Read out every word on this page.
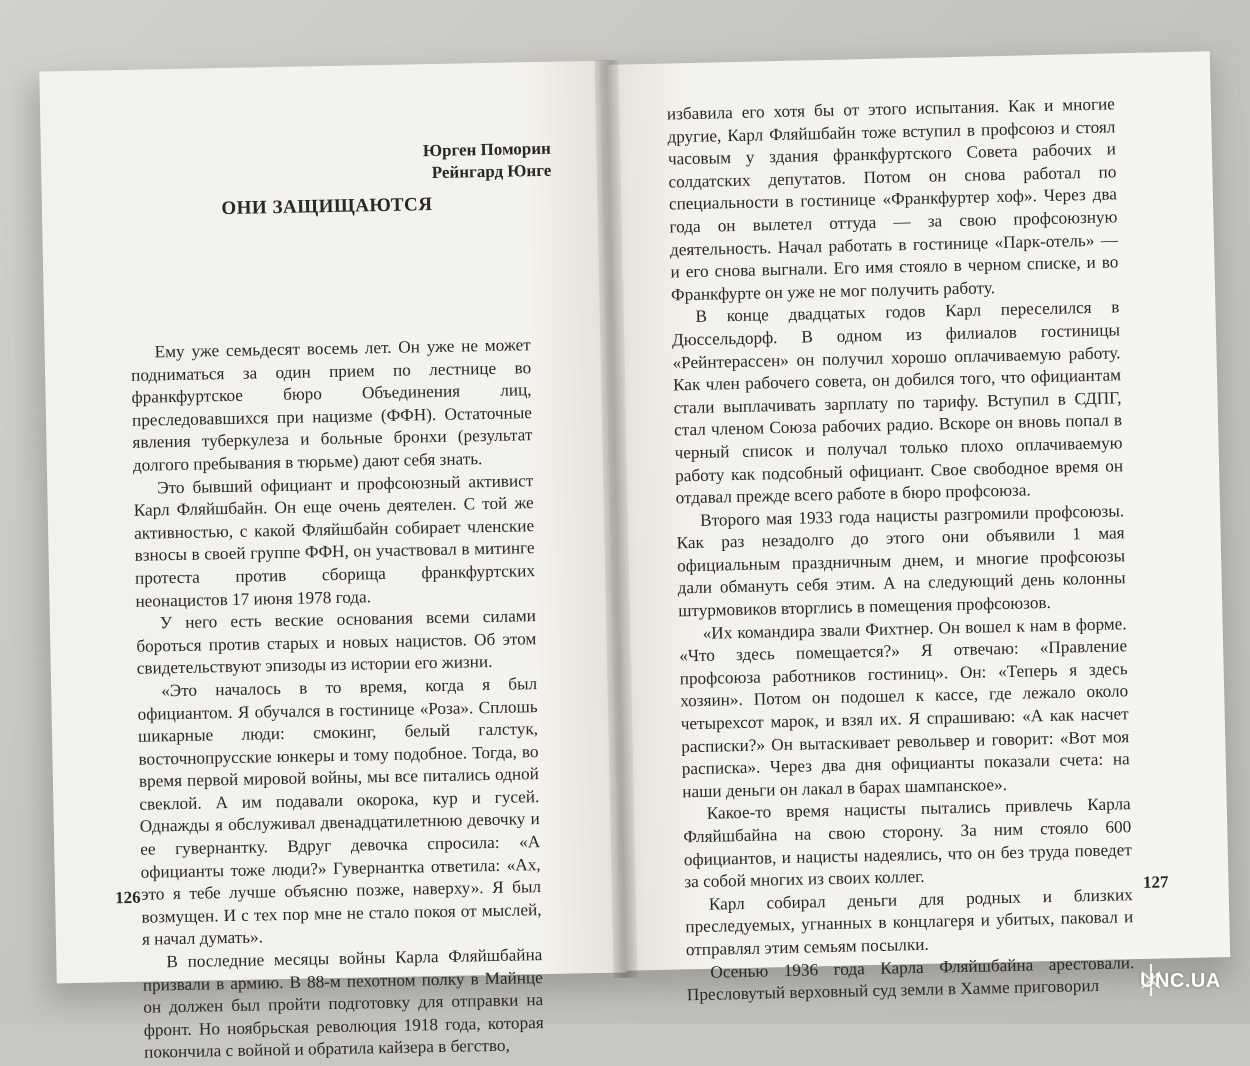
Юрген Поморин
Рейнгард Юнге
ОНИ ЗАЩИЩАЮТСЯ

Ему уже семьдесят восемь лет. Он уже не может подниматься за один прием по лестнице во франкфуртское бюро Объединения лиц, преследовавшихся при нацизме (ФФН). Остаточные явления туберкулеза и больные бронхи (результат долгого пребывания в тюрьме) дают себя знать.

Это бывший официант и профсоюзный активист Карл Фляйшбайн. Он еще очень деятелен. С той же активностью, с какой Фляйшбайн собирает членские взносы в своей группе ФФН, он участвовал в митинге протеста против сборища франкфуртских неонацистов 17 июня 1978 года.

У него есть веские основания всеми силами бороться против старых и новых нацистов. Об этом свидетельствуют эпизоды из истории его жизни.

«Это началось в то время, когда я был официантом. Я обучался в гостинице «Роза». Сплошь шикарные люди: смокинг, белый галстук, восточнопрусские юнкеры и тому подобное. Тогда, во время первой мировой войны, мы все питались одной свеклой. А им подавали окорока, кур и гусей. Однажды я обслуживал двенадцатилетнюю девочку и ее гувернантку. Вдруг девочка спросила: «А официанты тоже люди?» Гувернантка ответила: «Ах, это я тебе лучше объясню позже, наверху». Я был возмущен. И с тех пор мне не стало покоя от мыслей, я начал думать».

В последние месяцы войны Карла Фляйшбайна призвали в армию. В 88-м пехотном полку в Майнце он должен был пройти подготовку для отправки на фронт. Но ноябрьская революция 1918 года, которая покончила с войной и обратила кайзера в бегство,

126

избавила его хотя бы от этого испытания. Как и многие другие, Карл Фляйшбайн тоже вступил в профсоюз и стоял часовым у здания франкфуртского Совета рабочих и солдатских депутатов. Потом он снова работал по специальности в гостинице «Франкфуртер хоф». Через два года он вылетел оттуда — за свою профсоюзную деятельность. Начал работать в гостинице «Парк-отель» — и его снова выгнали. Его имя стояло в черном списке, и во Франкфурте он уже не мог получить работу.

В конце двадцатых годов Карл переселился в Дюссельдорф. В одном из филиалов гостиницы «Рейнтерассен» он получил хорошо оплачиваемую работу. Как член рабочего совета, он добился того, что официантам стали выплачивать зарплату по тарифу. Вступил в СДПГ, стал членом Союза рабочих радио. Вскоре он вновь попал в черный список и получал только плохо оплачиваемую работу как подсобный официант. Свое свободное время он отдавал прежде всего работе в бюро профсоюза.

Второго мая 1933 года нацисты разгромили профсоюзы. Как раз незадолго до этого они объявили 1 мая официальным праздничным днем, и многие профсоюзы дали обмануть себя этим. А на следующий день колонны штурмовиков вторглись в помещения профсоюзов.

«Их командира звали Фихтнер. Он вошел к нам в форме. «Что здесь помещается?» Я отвечаю: «Правление профсоюза работников гостиниц». Он: «Теперь я здесь хозяин». Потом он подошел к кассе, где лежало около четырехсот марок, и взял их. Я спрашиваю: «А как насчет расписки?» Он вытаскивает револьвер и говорит: «Вот моя расписка». Через два дня официанты показали счета: на наши деньги он лакал в барах шампанское».

Какое-то время нацисты пытались привлечь Карла Фляйшбайна на свою сторону. За ним стояло 600 официантов, и нацисты надеялись, что он без труда поведет за собой многих из своих коллег.

Карл собирал деньги для родных и близких преследуемых, угнанных в концлагеря и убитых, паковал и отправлял этим семьям посылки.

Осенью 1936 года Карла Фляйшбайна арестовали. Пресловутый верховный суд земли в Хамме приговорил

127
UNC.UA
